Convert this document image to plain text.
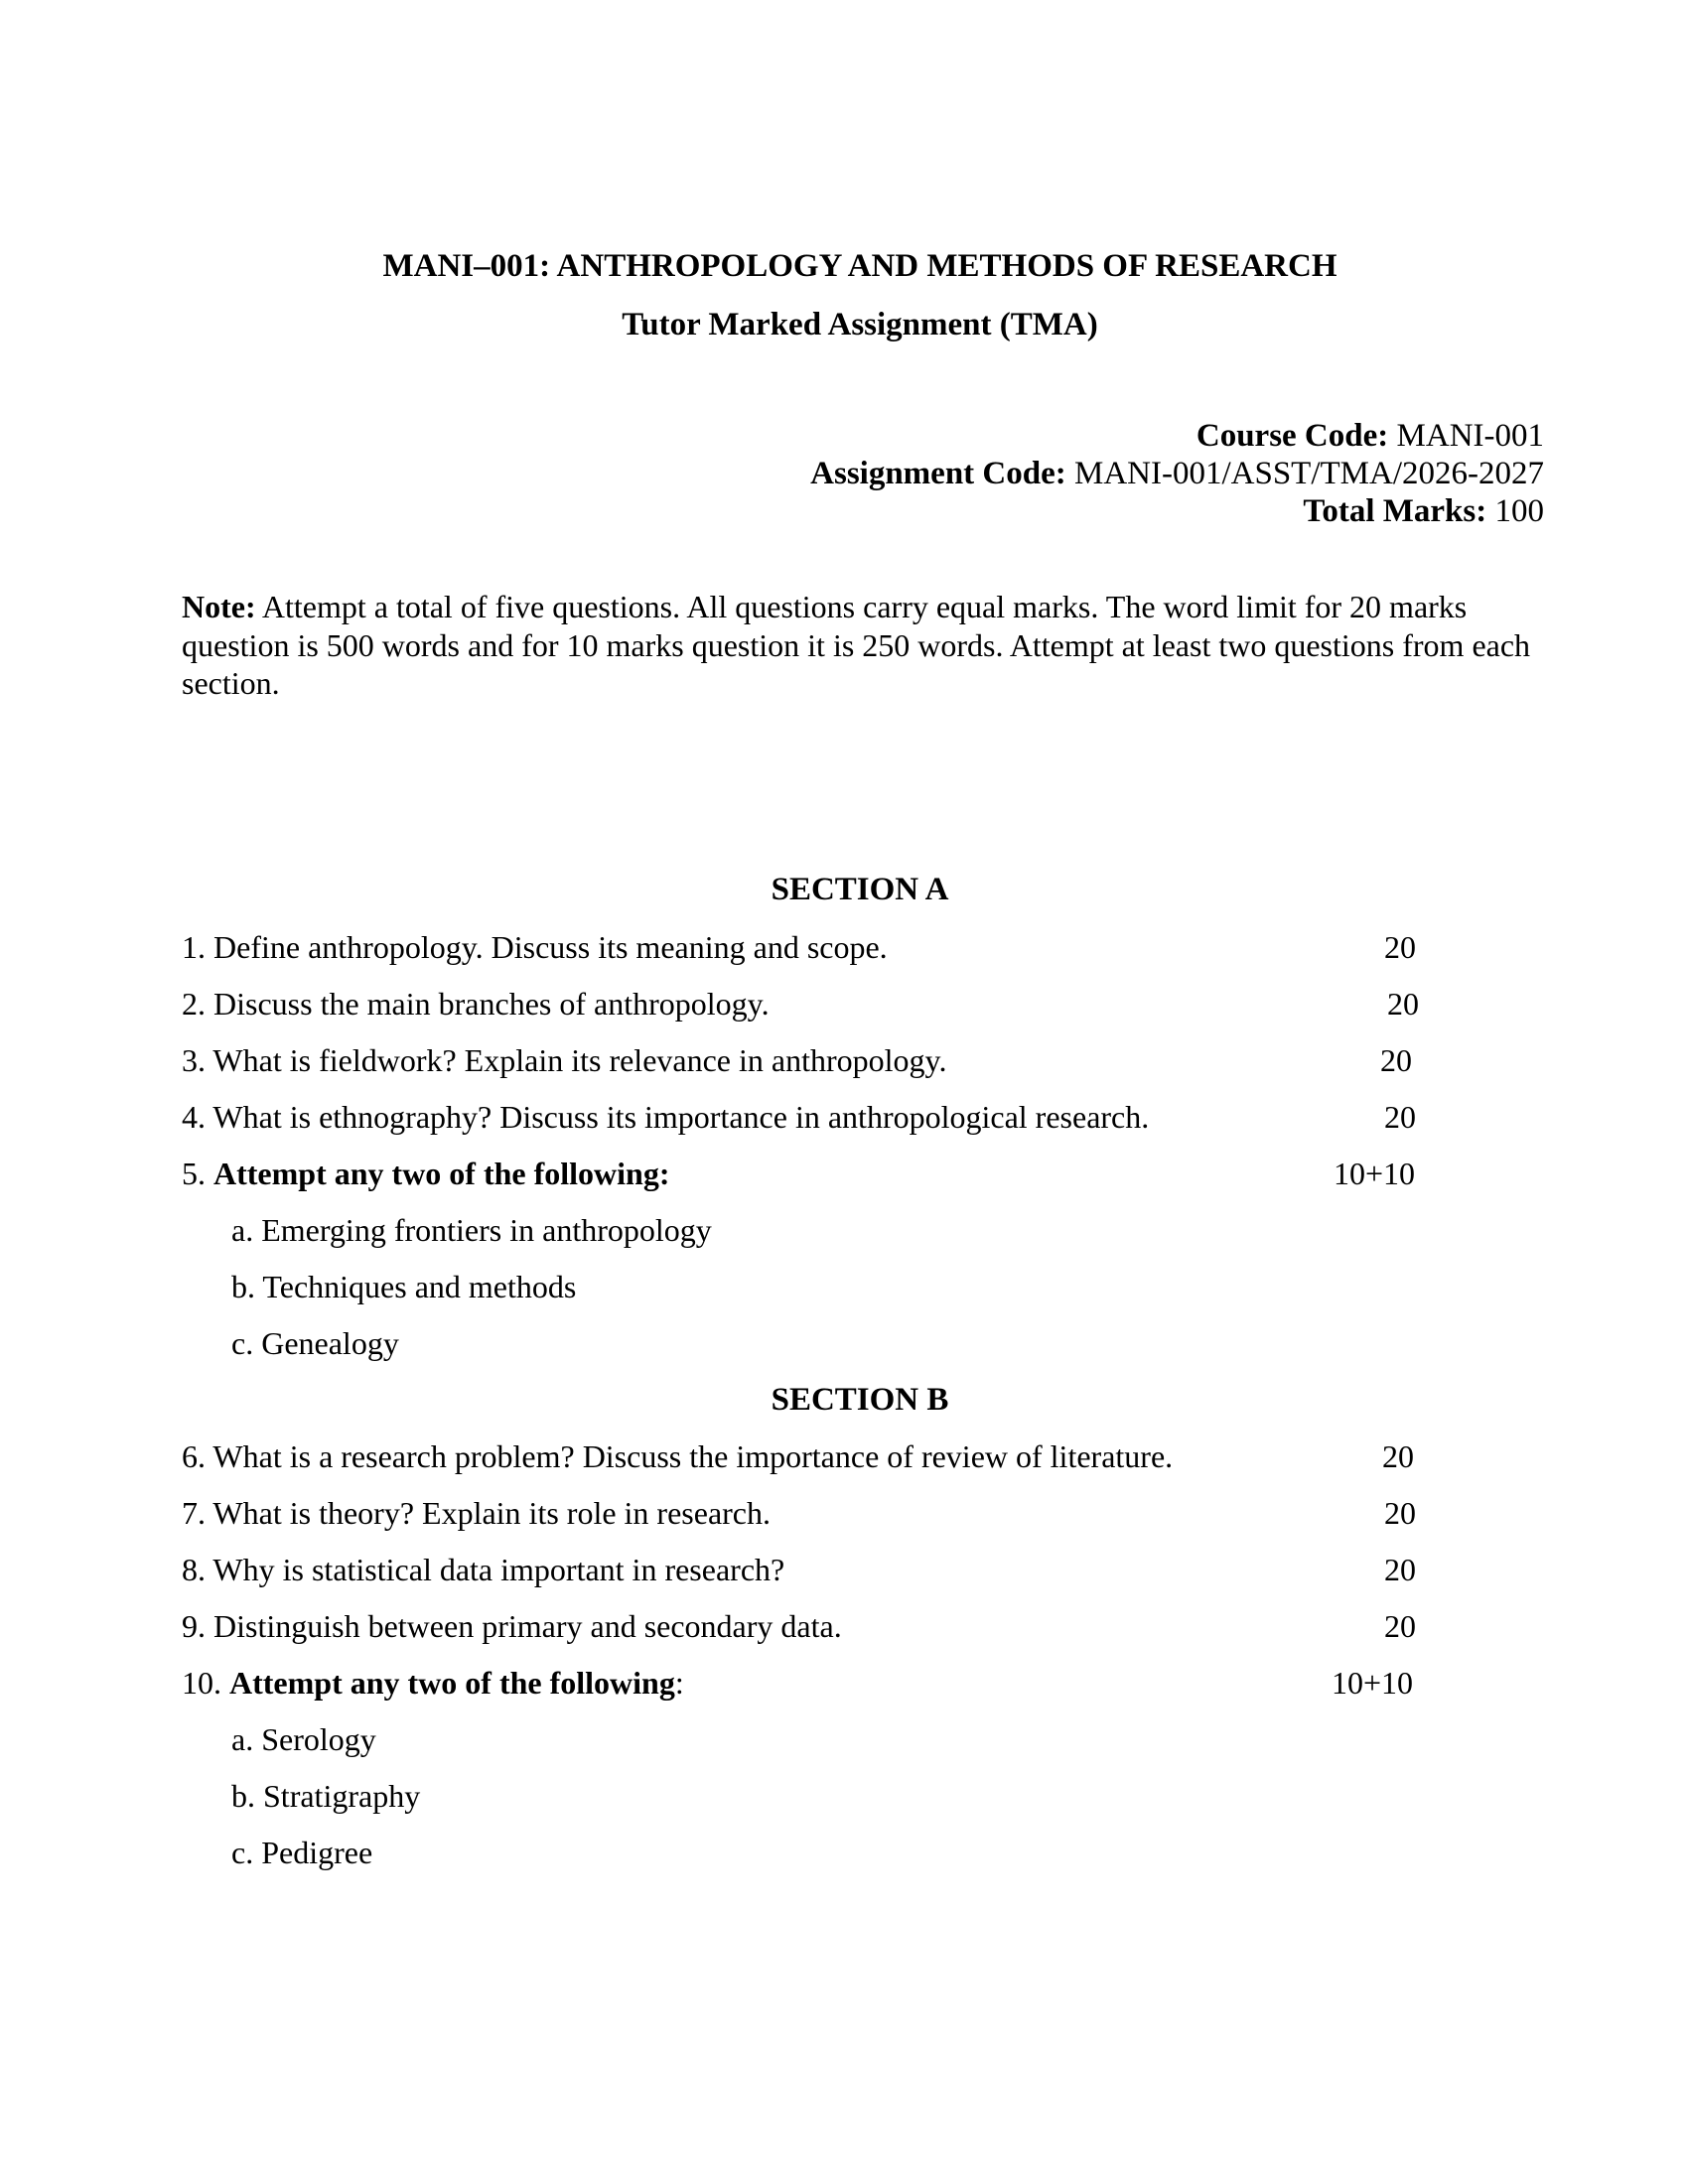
MANI–001: ANTHROPOLOGY AND METHODS OF RESEARCH
Tutor Marked Assignment (TMA)
Course Code: MANI-001
Assignment Code: MANI-001/ASST/TMA/2026-2027
Total Marks: 100
Note: Attempt a total of five questions. All questions carry equal marks. The word limit for 20 marks question is 500 words and for 10 marks question it is 250 words. Attempt at least two questions from each section.
SECTION A
1. Define anthropology. Discuss its meaning and scope.	20
2. Discuss the main branches of anthropology.	20
3. What is fieldwork? Explain its relevance in anthropology.	20
4. What is ethnography? Discuss its importance in anthropological research.	20
5. Attempt any two of the following:	10+10
a. Emerging frontiers in anthropology
b. Techniques and methods
c. Genealogy
SECTION B
6. What is a research problem? Discuss the importance of review of literature.	20
7. What is theory? Explain its role in research.	20
8. Why is statistical data important in research?	20
9. Distinguish between primary and secondary data.	20
10. Attempt any two of the following:	10+10
a. Serology
b. Stratigraphy
c. Pedigree
